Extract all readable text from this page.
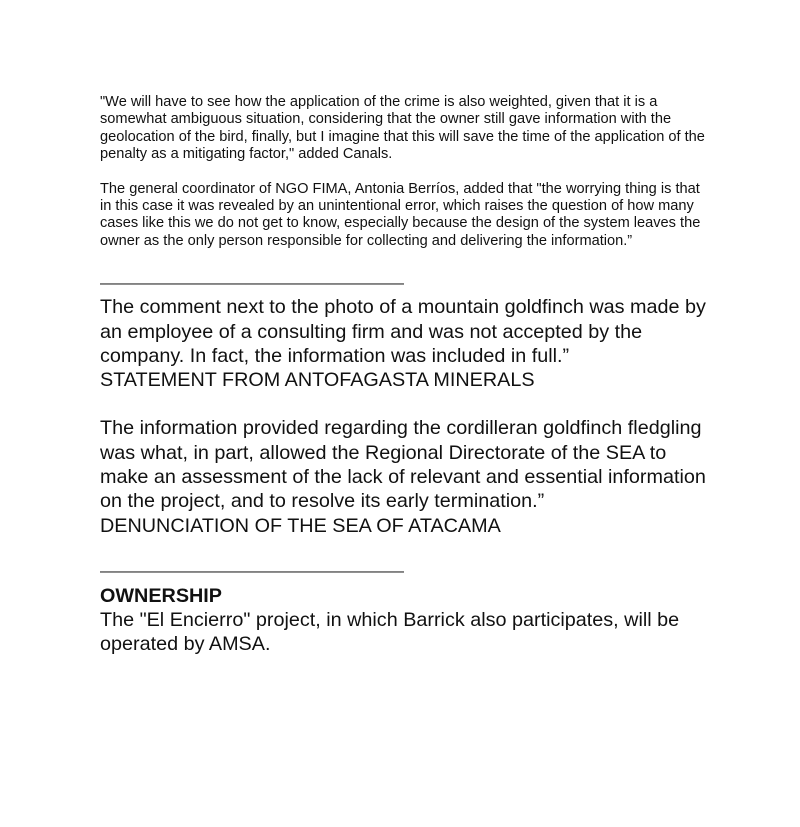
"We will have to see how the application of the crime is also weighted, given that it is a somewhat ambiguous situation, considering that the owner still gave information with the geolocation of the bird, finally, but I imagine that this will save the time of the application of the penalty as a mitigating factor," added Canals.

The general coordinator of NGO FIMA, Antonia Berríos, added that "the worrying thing is that in this case it was revealed by an unintentional error, which raises the question of how many cases like this we do not get to know, especially because the design of the system leaves the owner as the only person responsible for collecting and delivering the information.”

———————————————————

The comment next to the photo of a mountain goldfinch was made by an employee of a consulting firm and was not accepted by the company. In fact, the information was included in full.”
STATEMENT FROM ANTOFAGASTA MINERALS

The information provided regarding the cordilleran goldfinch fledgling was what, in part, allowed the Regional Directorate of the SEA to make an assessment of the lack of relevant and essential information on the project, and to resolve its early termination.”
DENUNCIATION OF THE SEA OF ATACAMA

———————————————————

OWNERSHIP

The "El Encierro" project, in which Barrick also participates, will be operated by AMSA.
